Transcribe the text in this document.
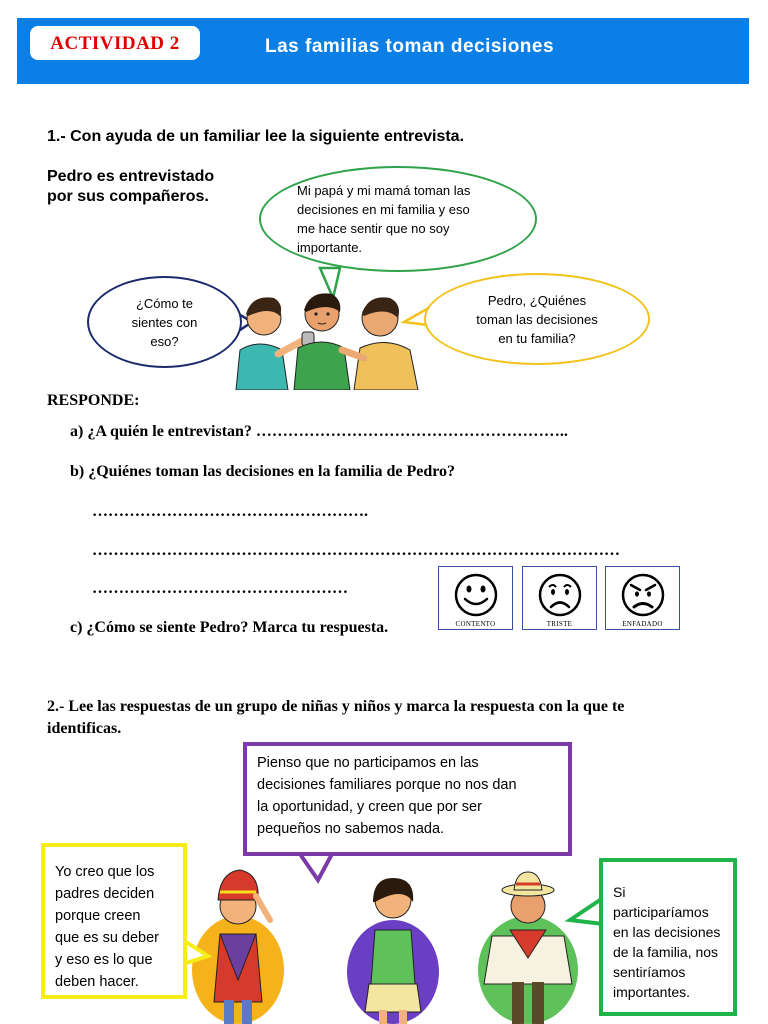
ACTIVIDAD 2	Las familias toman decisiones
1.- Con ayuda de un familiar lee la siguiente entrevista.
Pedro es entrevistado
por sus compañeros.	Mi papá y mi mamá toman las
decisiones en mi familia y eso
me hace sentir que no soy
importante.
¿Cómo te
sientes con
eso?
Pedro, ¿Quiénes
toman las decisiones
en tu familia?
RESPONDE:
a) ¿A quién le entrevistan? …………………………………………………..
b) ¿Quiénes toman las decisiones en la familia de Pedro?
…………………………………………….
………………………………………………………………………………………
…………………………………………
c) ¿Cómo se siente Pedro? Marca tu respuesta.	CONTENTO	TRISTE	ENFADADO
2.- Lee las respuestas de un grupo de niñas y niños y marca la respuesta con la que te
identificas.
Pienso que no participamos en las
decisiones familiares porque no nos dan
la oportunidad, y creen que por ser
pequeños no sabemos nada.
Yo creo que los
padres deciden
porque creen
que es su deber
y eso es lo que
deben hacer.
Si
participaríamos
en las decisiones
de la familia, nos
sentiríamos
importantes.
